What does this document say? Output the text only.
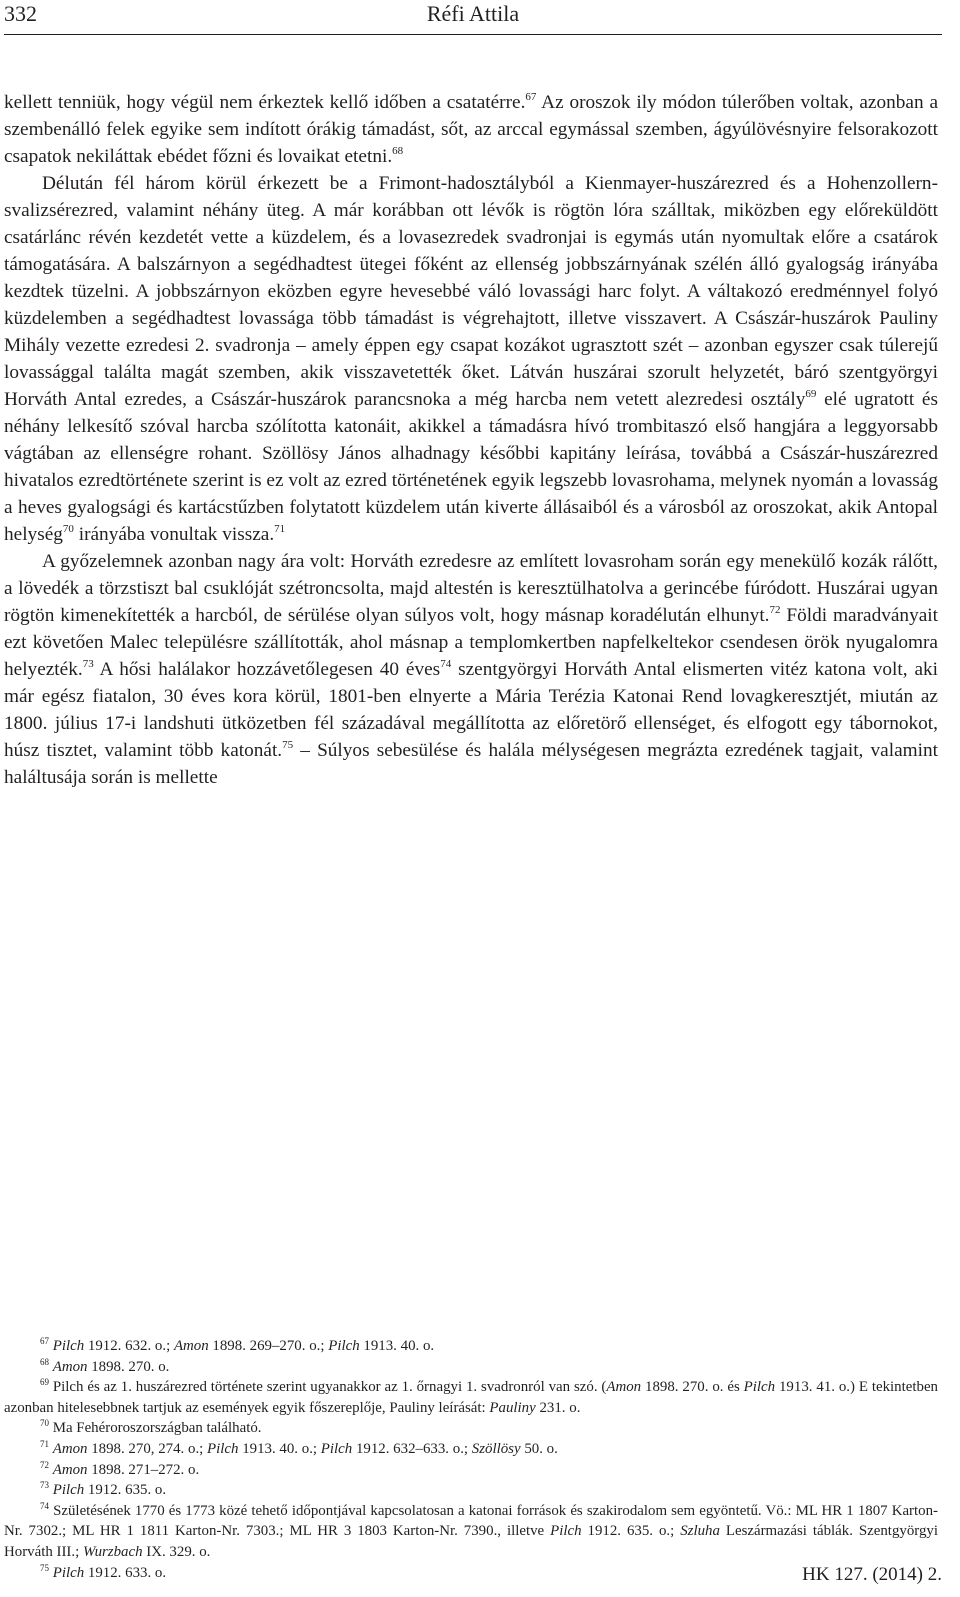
332	Réfi Attila

kellett tenniük, hogy végül nem érkeztek kellő időben a csatatérre.$^{67}$ Az oroszok ily módon túlerőben voltak, azonban a szembenálló felek egyike sem indított órákig támadást, sőt, az arccal egymással szemben, ágyúlövésnyire felsorakozott csapatok nekiláttak ebédet főzni és lovaikat etetni.$^{68}$

Délután fél három körül érkezett be a Frimont-hadosztályból a Kienmayer-huszárezred és a Hohenzollern-svalizsérezred, valamint néhány üteg. A már korábban ott lévők is rögtön lóra szálltak, miközben egy előreküldött csatárlánc révén kezdetét vette a küzdelem, és a lovasezredek svadronjai is egymás után nyomultak előre a csatárok támogatására. A balszárnyon a segédhadtest ütegei főként az ellenség jobbszárnyának szélén álló gyalogság irányába kezdtek tüzelni. A jobbszárnyon eközben egyre hevesebbé váló lovassági harc folyt. A váltakozó eredménnyel folyó küzdelemben a segédhadtest lovassága több támadást is végrehajtott, illetve visszavert. A Császár-huszárok Pauliny Mihály vezette ezredesi 2. svadronja – amely éppen egy csapat kozákot ugrasztott szét – azonban egyszer csak túlerejű lovassággal találta magát szemben, akik visszavetették őket. Látván huszárai szorult helyzetét, báró szentgyörgyi Horváth Antal ezredes, a Császár-huszárok parancsnoka a még harcba nem vetett alezredesi osztály$^{69}$ elé ugratott és néhány lelkesítő szóval harcba szólította katonáit, akikkel a támadásra hívó trombitaszó első hangjára a leggyorsabb vágtában az ellenségre rohant. Szöllösy János alhadnagy későbbi kapitány leírása, továbbá a Császár-huszárezred hivatalos ezredtörténete szerint is ez volt az ezred történetének egyik legszebb lovasrohama, melynek nyomán a lovasság a heves gyalogsági és kartácstűzben folytatott küzdelem után kiverte állásaiból és a városból az oroszokat, akik Antopal helység$^{70}$ irányába vonultak vissza.$^{71}$

A győzelemnek azonban nagy ára volt: Horváth ezredesre az említett lovasroham során egy menekülő kozák rálőtt, a lövedék a törzstiszt bal csuklóját szétroncsolta, majd altestén is keresztülhatolva a gerincébe fúródott. Huszárai ugyan rögtön kimenekítették a harcból, de sérülése olyan súlyos volt, hogy másnap koradélután elhunyt.$^{72}$ Földi maradványait ezt követően Malec településre szállították, ahol másnap a templomkertben napfelkeltekor csendesen örök nyugalomra helyezték.$^{73}$ A hősi halálakor hozzávetőlegesen 40 éves$^{74}$ szentgyörgyi Horváth Antal elismerten vitéz katona volt, aki már egész fiatalon, 30 éves kora körül, 1801-ben elnyerte a Mária Terézia Katonai Rend lovagkeresztjét, miután az 1800. július 17-i landshuti ütközetben fél századával megállította az előretörő ellenséget, és elfogott egy tábornokot, húsz tisztet, valamint több katonát.$^{75}$ – Súlyos sebesülése és halála mélységesen megrázta ezredének tagjait, valamint haláltusája során is mellette

$^{67}$ Pilch 1912. 632. o.; Amon 1898. 269–270. o.; Pilch 1913. 40. o.

$^{68}$ Amon 1898. 270. o.

$^{69}$ Pilch és az 1. huszárezred története szerint ugyanakkor az 1. őrnagyi 1. svadronról van szó. (Amon 1898. 270. o. és Pilch 1913. 41. o.) E tekintetben azonban hitelesebbnek tartjuk az események egyik főszereplője, Pauliny leírását: Pauliny 231. o.

$^{70}$ Ma Fehéroroszországban található.

$^{71}$ Amon 1898. 270, 274. o.; Pilch 1913. 40. o.; Pilch 1912. 632–633. o.; Szöllösy 50. o.

$^{72}$ Amon 1898. 271–272. o.

$^{73}$ Pilch 1912. 635. o.

$^{74}$ Születésének 1770 és 1773 közé tehető időpontjával kapcsolatosan a katonai források és szakirodalom sem egyöntetű. Vö.: ML HR 1 1807 Karton-Nr. 7302.; ML HR 1 1811 Karton-Nr. 7303.; ML HR 3 1803 Karton-Nr. 7390., illetve Pilch 1912. 635. o.; Szluha Leszármazási táblák. Szentgyörgyi Horváth III.; Wurzbach IX. 329. o.

$^{75}$ Pilch 1912. 633. o.	HK 127. (2014) 2.
